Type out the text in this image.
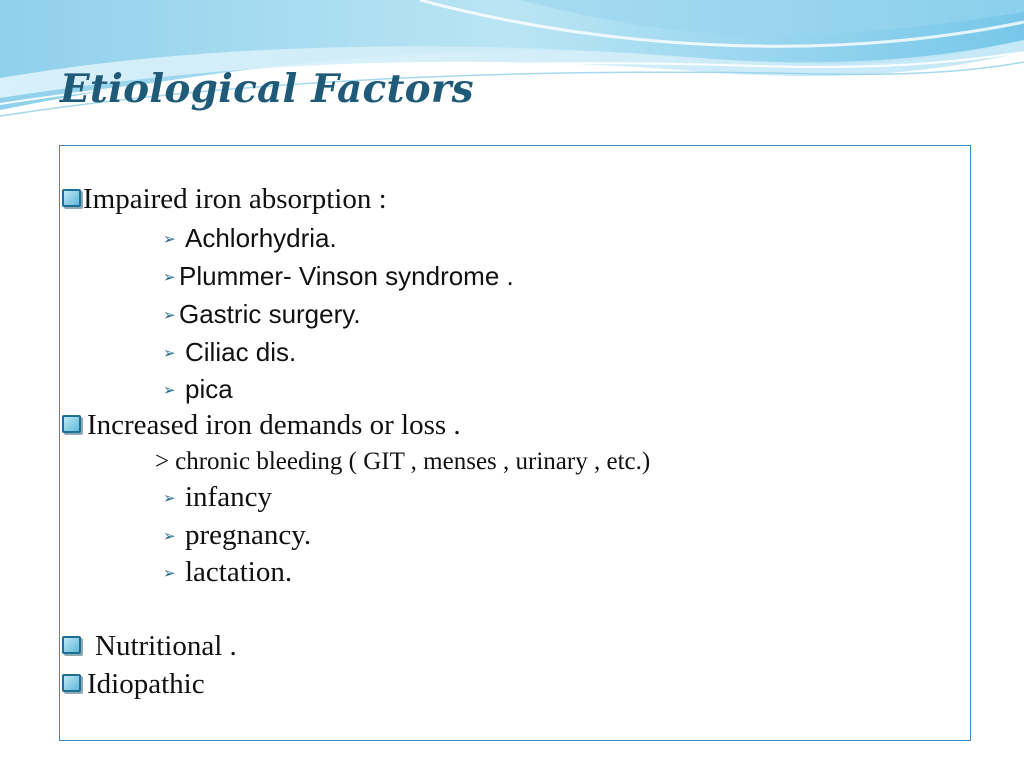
Etiological Factors
Impaired iron absorption :
➢ Achlorhydria.
➢ Plummer- Vinson syndrome .
➢ Gastric surgery.
➢ Ciliac dis.
➢ pica
Increased iron demands or loss .
> chronic bleeding ( GIT , menses , urinary , etc.)
➢ infancy
➢ pregnancy.
➢ lactation.
Nutritional .
Idiopathic
